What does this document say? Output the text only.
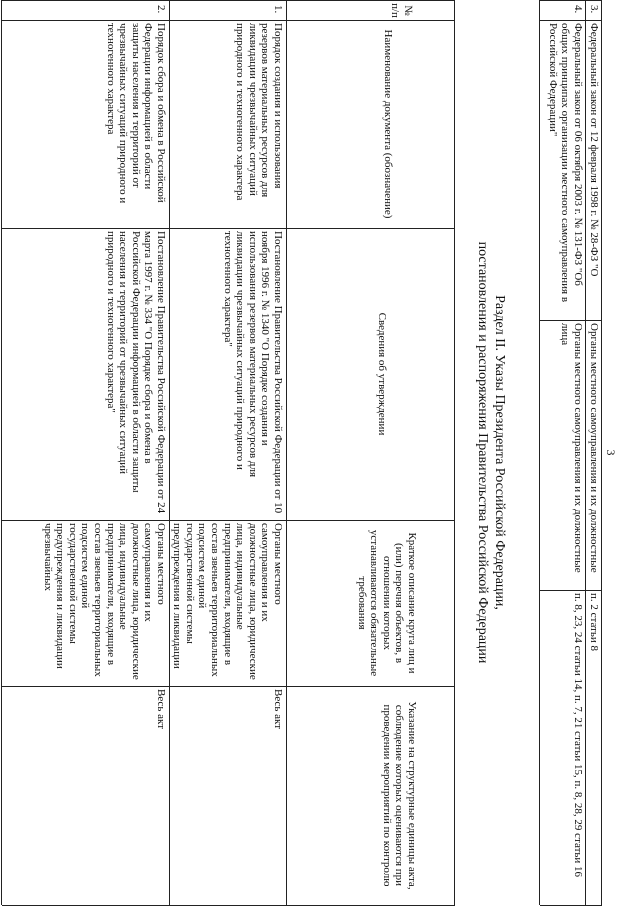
3
3.
Федеральный закон от 12 февраля 1998 г. № 28-ФЗ "О
Органы местного самоуправления и их должностные
п. 2 статьи 8
4.
Федеральный закон от 06 октября 2003 г. № 131-ФЗ "Об общих принципах организации местного самоуправления в Российской Федерации"
Органы местного самоуправления и их должностные лица
п. 8, 23, 24 статьи 14, п. 7, 21 статьи 15, п. 8, 28, 29 статьи 16
Раздел II. Указы Президента Российской Федерации,
постановления и распоряжения Правительства Российской Федерации
Наименование документа (обозначение)
Сведения об утверждении
Краткое описание круга лиц и (или) перечня объектов, в отношении которых устанавливаются обязательные требования
Указание на структурные единицы акта, соблюдение которых оцениваются при проведении мероприятий по контролю
№ п/п
1.
Порядок создания и использования резервов материальных ресурсов для ликвидации чрезвычайных ситуаций природного и техногенного характера
Постановление Правительства Российской Федерации от 10 ноября 1996 г. № 1340 "О Порядке создания и использования резервов материальных ресурсов для ликвидации чрезвычайных ситуаций природного и техногенного характера"
Органы местного самоуправления и их должностные лица, юридические лица, индивидуальные предприниматели, входящие в состав звеньев территориальных подсистем единой государственной системы предупреждения и ликвидации
Весь акт
2.
Порядок сбора и обмена в Российской Федерации информацией в области защиты населения и территорий от чрезвычайных ситуаций природного и техногенного характера
Постановление Правительства Российской Федерации от 24 марта 1997 г. № 334 "О Порядке сбора и обмена в Российской Федерации информацией в области защиты населения и территорий от чрезвычайных ситуаций природного и техногенного характера"
Органы местного самоуправления и их должностные лица, юридические лица, индивидуальные предприниматели, входящие в состав звеньев территориальных подсистем единой государственной системы предупреждения и ликвидации чрезвычайных
Весь акт
